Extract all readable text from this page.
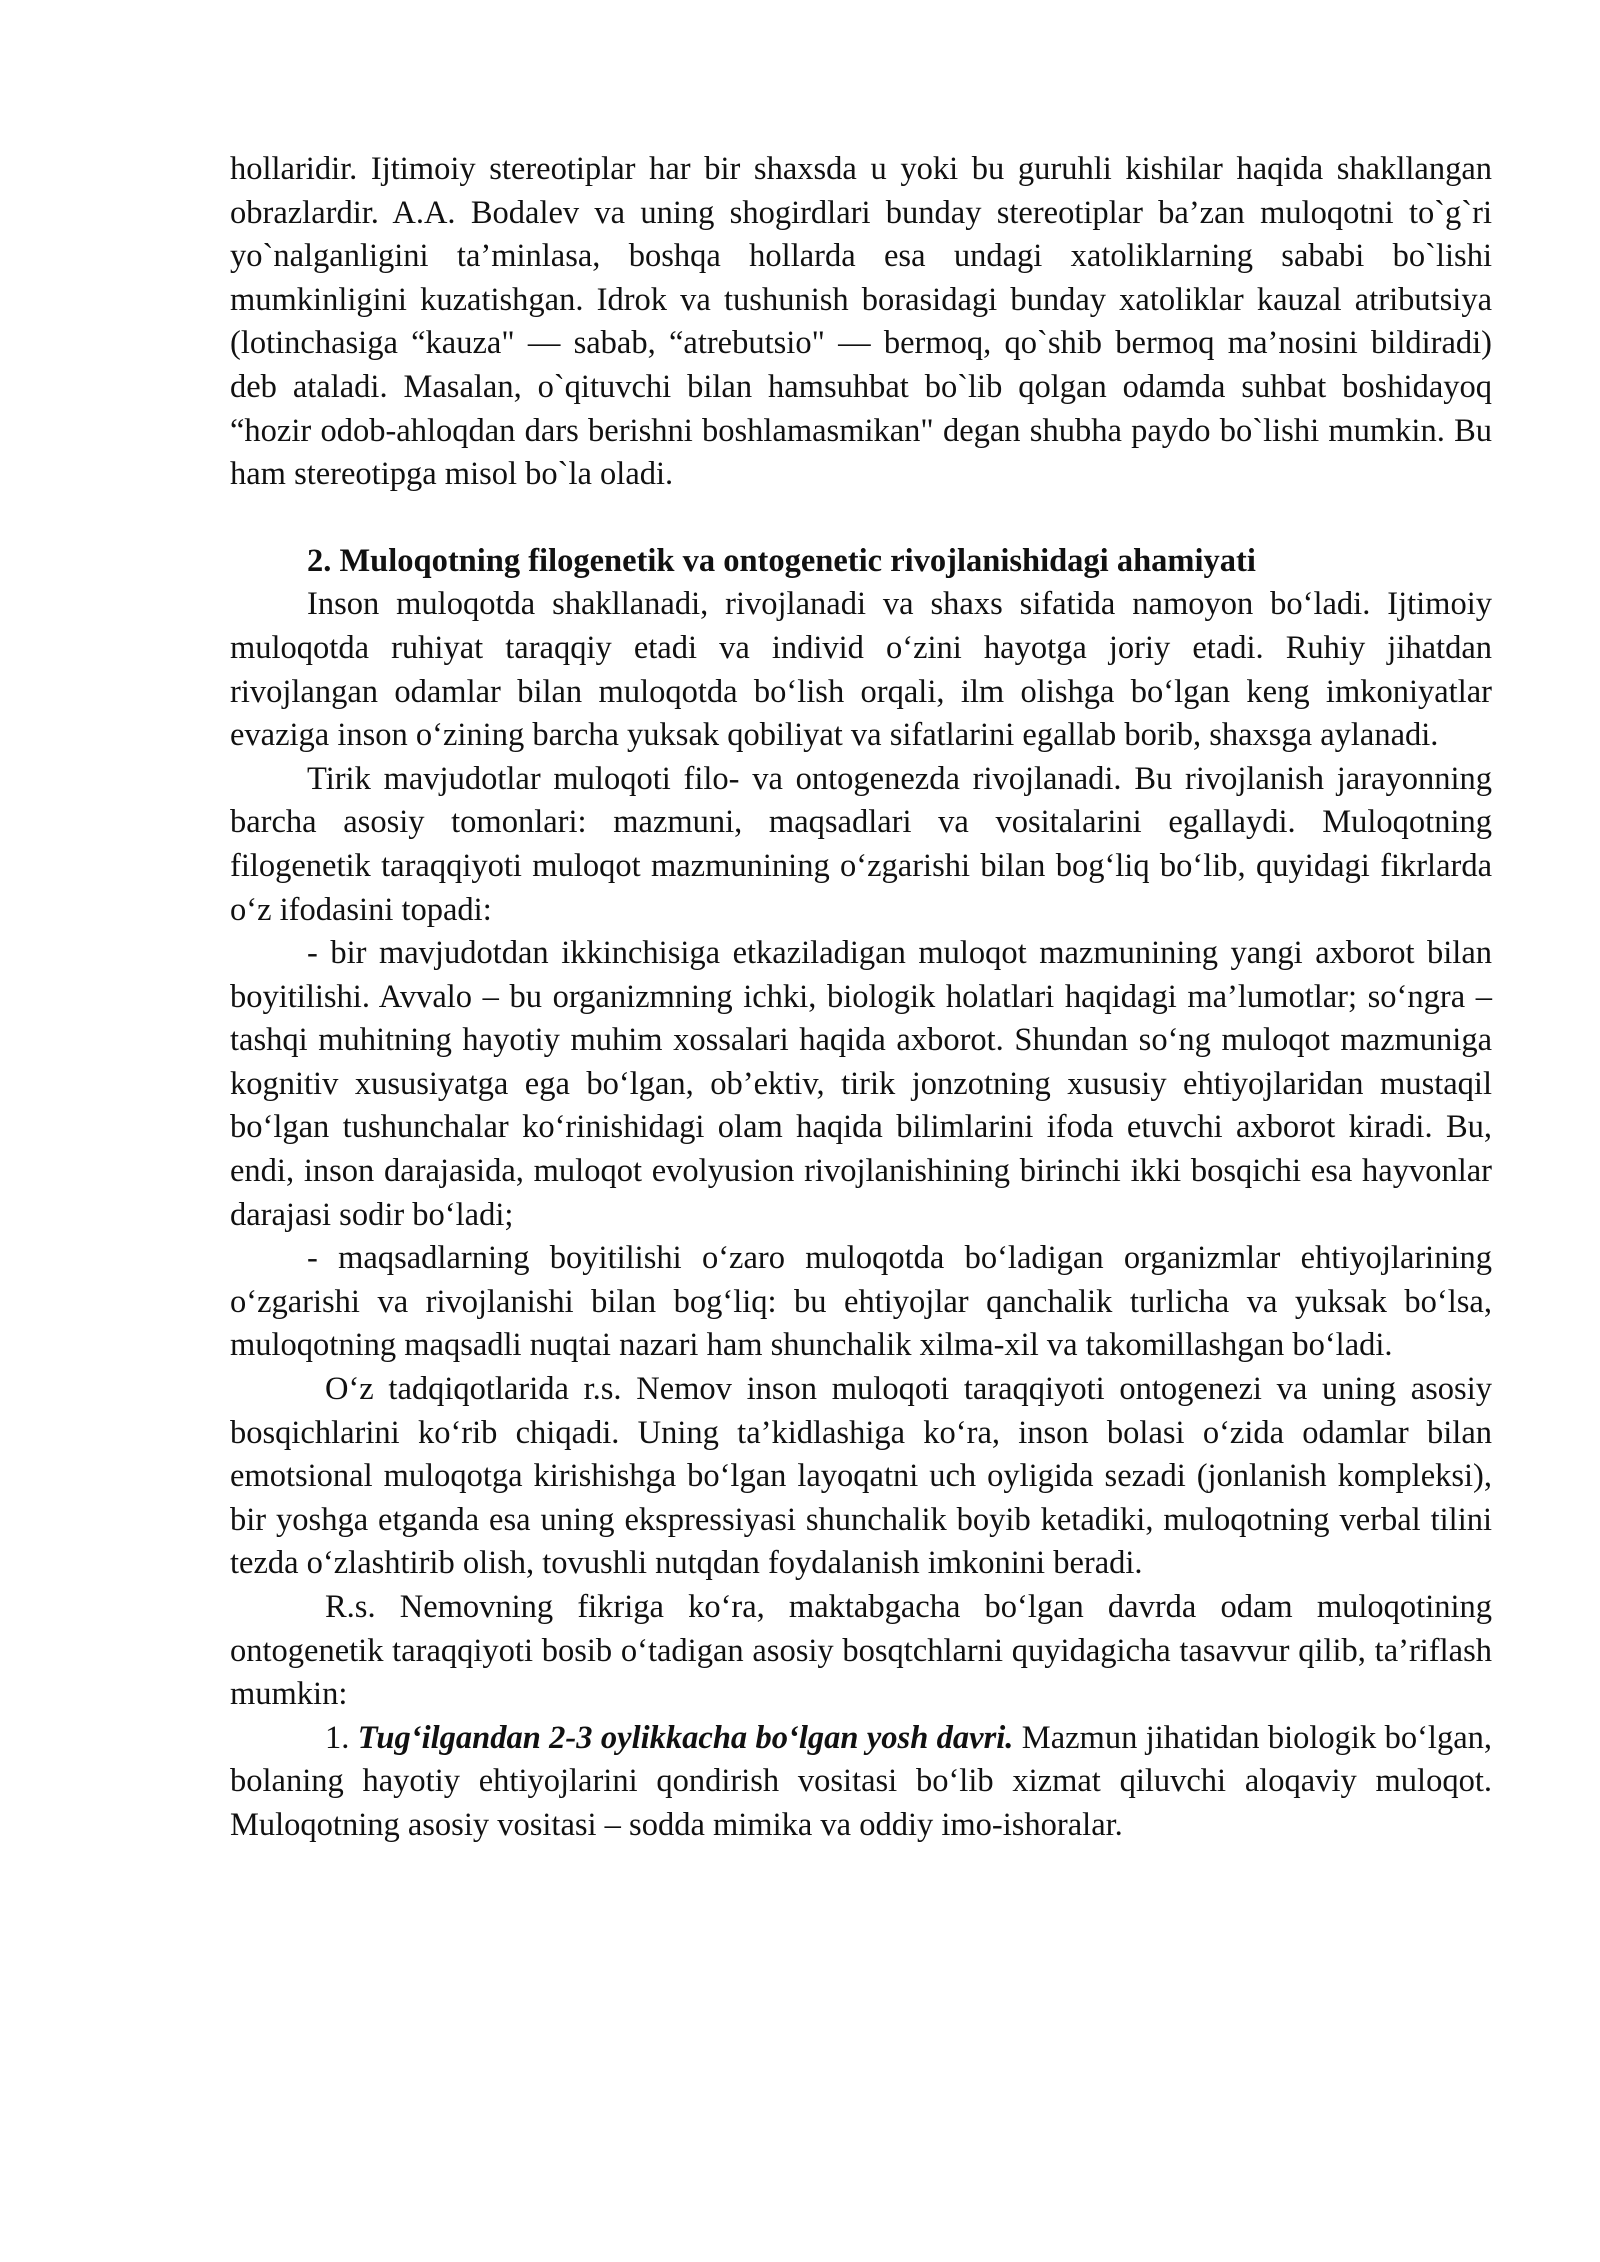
hollaridir. Ijtimoiy stereotiplar har bir shaxsda u yoki bu guruhli kishilar haqida shakllangan obrazlardir. A.A. Bodalev va uning shogirdlari bunday stereotiplar ba’zan muloqotni to`g`ri yo`nalganligini ta’minlasa, boshqa hollarda esa undagi xatoliklarning sababi bo`lishi mumkinligini kuzatishgan. Idrok va tushunish borasidagi bunday xatoliklar kauzal atributsiya (lotinchasiga “kauza" — sabab, “atrebutsio" — bermoq, qo`shib bermoq ma’nosini bildiradi) deb ataladi. Masalan, o`qituvchi bilan hamsuhbat bo`lib qolgan odamda suhbat boshidayoq “hozir odob-ahloqdan dars berishni boshlamasmikan" degan shubha paydo bo`lishi mumkin. Bu ham stereotipga misol bo`la oladi.

2. Muloqotning filogenetik va ontogenetic rivojlanishidagi ahamiyati

Inson muloqotda shakllanadi, rivojlanadi va shaxs sifatida namoyon bo‘ladi. Ijtimoiy muloqotda ruhiyat taraqqiy etadi va individ o‘zini hayotga joriy etadi. Ruhiy jihatdan rivojlangan odamlar bilan muloqotda bo‘lish orqali, ilm olishga bo‘lgan keng imkoniyatlar evaziga inson o‘zining barcha yuksak qobiliyat va sifatlarini egallab borib, shaxsga aylanadi.

Tirik mavjudotlar muloqoti filo- va ontogenezda rivojlanadi. Bu rivojlanish jarayonning barcha asosiy tomonlari: mazmuni, maqsadlari va vositalarini egallaydi. Muloqotning filogenetik taraqqiyoti muloqot mazmunining o‘zgarishi bilan bog‘liq bo‘lib, quyidagi fikrlarda o‘z ifodasini topadi:

- bir mavjudotdan ikkinchisiga etkaziladigan muloqot mazmunining yangi axborot bilan boyitilishi. Avvalo – bu organizmning ichki, biologik holatlari haqidagi ma’lumotlar; so‘ngra – tashqi muhitning hayotiy muhim xossalari haqida axborot. Shundan so‘ng muloqot mazmuniga kognitiv xususiyatga ega bo‘lgan, ob’ektiv, tirik jonzotning xususiy ehtiyojlaridan mustaqil bo‘lgan tushunchalar ko‘rinishidagi olam haqida bilimlarini ifoda etuvchi axborot kiradi. Bu, endi, inson darajasida, muloqot evolyusion rivojlanishining birinchi ikki bosqichi esa hayvonlar darajasi sodir bo‘ladi;

- maqsadlarning boyitilishi o‘zaro muloqotda bo‘ladigan organizmlar ehtiyojlarining o‘zgarishi va rivojlanishi bilan bog‘liq: bu ehtiyojlar qanchalik turlicha va yuksak bo‘lsa, muloqotning maqsadli nuqtai nazari ham shunchalik xilma-xil va takomillashgan bo‘ladi.

O‘z tadqiqotlarida r.s. Nemov inson muloqoti taraqqiyoti ontogenezi va uning asosiy bosqichlarini ko‘rib chiqadi. Uning ta’kidlashiga ko‘ra, inson bolasi o‘zida odamlar bilan emotsional muloqotga kirishishga bo‘lgan layoqatni uch oyligida sezadi (jonlanish kompleksi), bir yoshga etganda esa uning ekspressiyasi shunchalik boyib ketadiki, muloqotning verbal tilini tezda o‘zlashtirib olish, tovushli nutqdan foydalanish imkonini beradi.

R.s. Nemovning fikriga ko‘ra, maktabgacha bo‘lgan davrda odam muloqotining ontogenetik taraqqiyoti bosib o‘tadigan asosiy bosqtchlarni quyidagicha tasavvur qilib, ta’riflash mumkin:

1. Tug‘ilgandan 2-3 oylikkacha bo‘lgan yosh davri. Mazmun jihatidan biologik bo‘lgan, bolaning hayotiy ehtiyojlarini qondirish vositasi bo‘lib xizmat qiluvchi aloqaviy muloqot. Muloqotning asosiy vositasi – sodda mimika va oddiy imo-ishoralar.
